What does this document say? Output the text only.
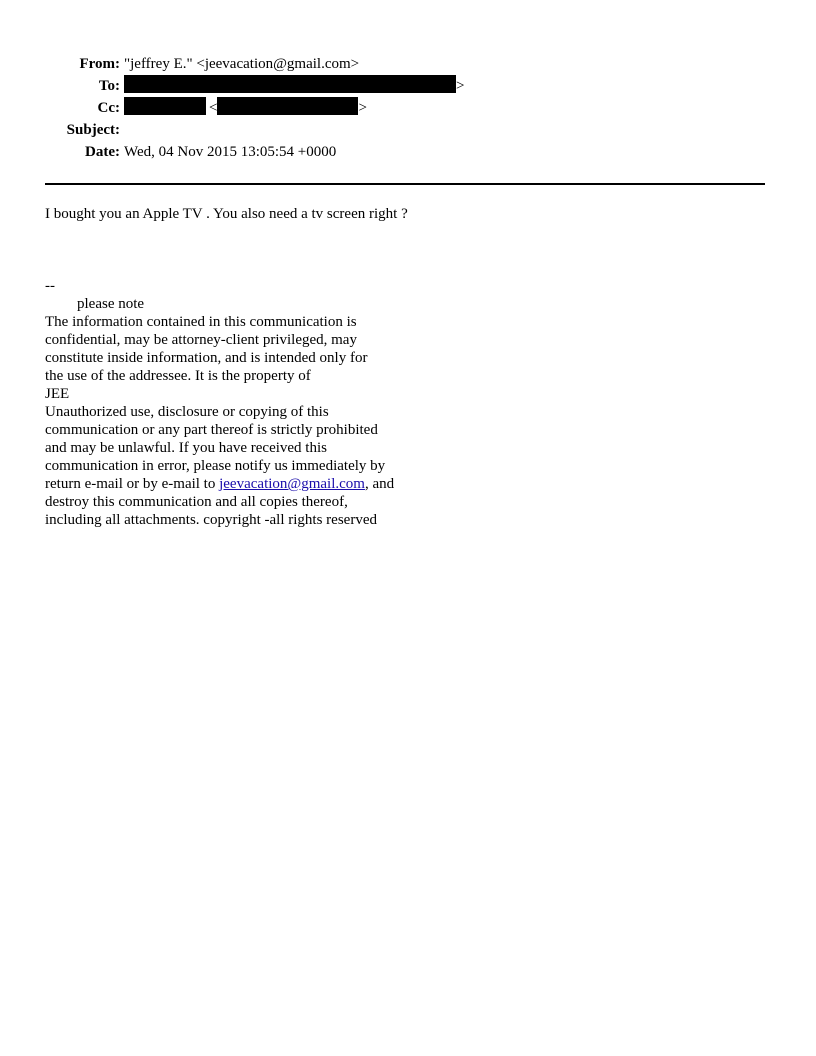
From: "jeffrey E." <jeevacation@gmail.com>
To:	>
Cc:	<	>
Subject:
Date: Wed, 04 Nov 2015 13:05:54 +0000
I bought you an Apple TV . You also need a tv screen right ?
--
please note
The information contained in this communication is
confidential, may be attorney-client privileged, may
constitute inside information, and is intended only for
the use of the addressee. It is the property of
JEE
Unauthorized use, disclosure or copying of this
communication or any part thereof is strictly prohibited
and may be unlawful. If you have received this
communication in error, please notify us immediately by
return e-mail or by e-mail to jeevacation@gmail.com, and
destroy this communication and all copies thereof,
including all attachments. copyright -all rights reserved
